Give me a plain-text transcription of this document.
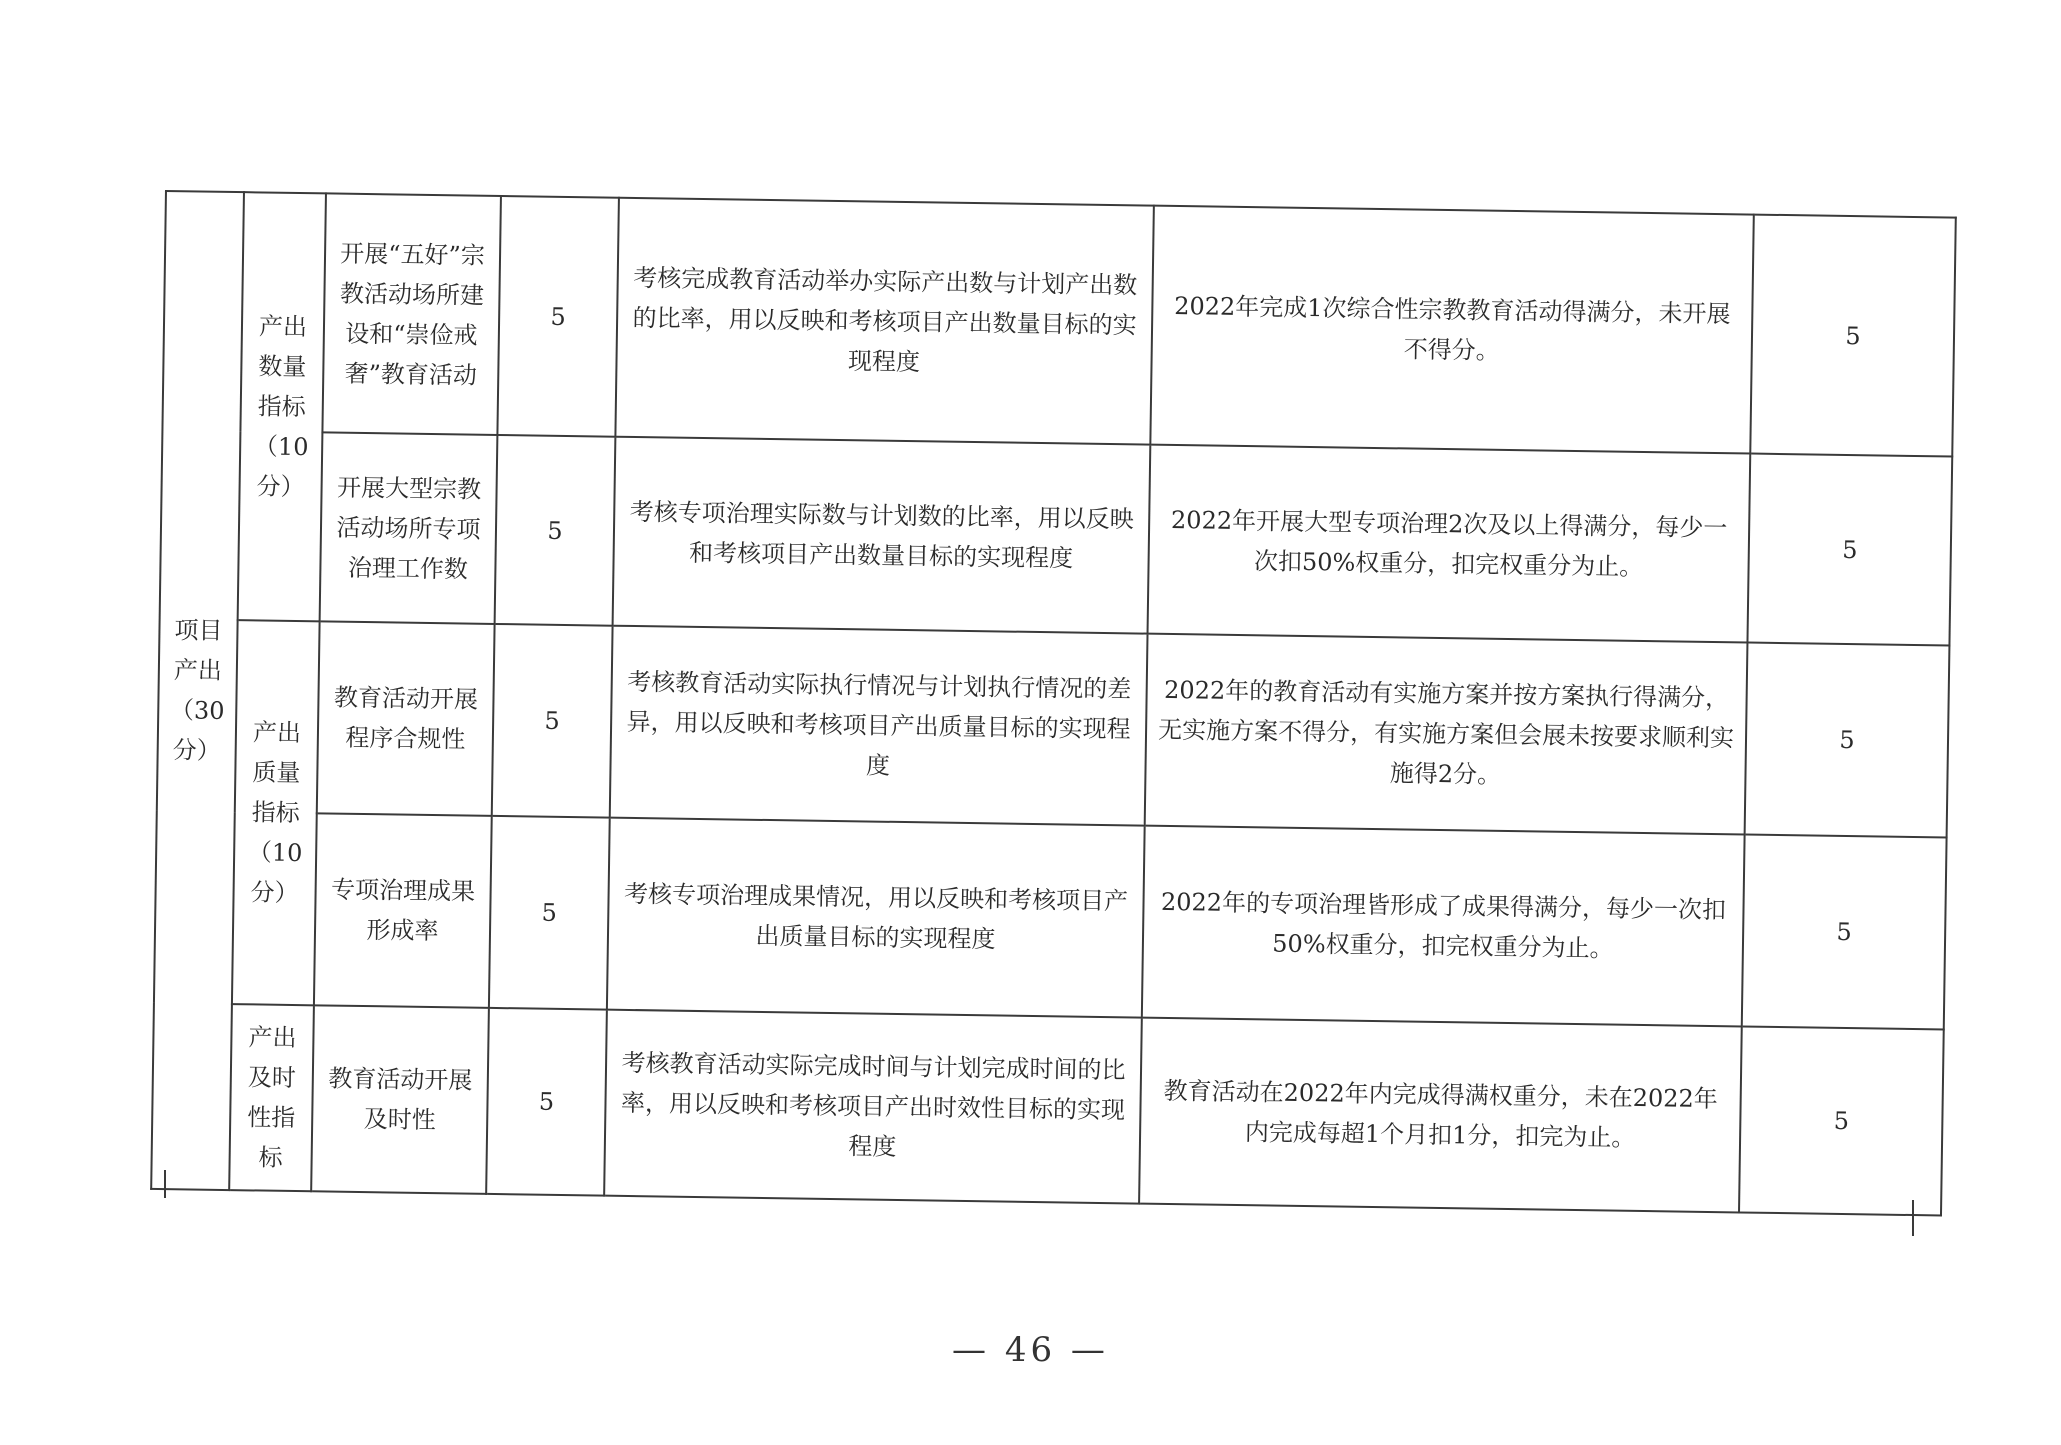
项目产出（30分）	产出数量指标（10分）	开展“五好”宗教活动场所建设和“崇俭戒奢”教育活动	5	考核完成教育活动举办实际产出数与计划产出数的比率，用以反映和考核项目产出数量目标的实现程度	2022年完成1次综合性宗教教育活动得满分，未开展不得分。	5
		开展大型宗教活动场所专项治理工作数	5	考核专项治理实际数与计划数的比率，用以反映和考核项目产出数量目标的实现程度	2022年开展大型专项治理2次及以上得满分，每少一次扣50%权重分，扣完权重分为止。	5
	产出质量指标（10分）	教育活动开展程序合规性	5	考核教育活动实际执行情况与计划执行情况的差异，用以反映和考核项目产出质量目标的实现程度	2022年的教育活动有实施方案并按方案执行得满分，无实施方案不得分，有实施方案但会展未按要求顺利实施得2分。	5
		专项治理成果形成率	5	考核专项治理成果情况，用以反映和考核项目产出质量目标的实现程度	2022年的专项治理皆形成了成果得满分，每少一次扣50%权重分，扣完权重分为止。	5
	产出及时性指标	教育活动开展及时性	5	考核教育活动实际完成时间与计划完成时间的比率，用以反映和考核项目产出时效性目标的实现程度	教育活动在2022年内完成得满权重分，未在2022年内完成每超1个月扣1分，扣完为止。	5
— 46 —
